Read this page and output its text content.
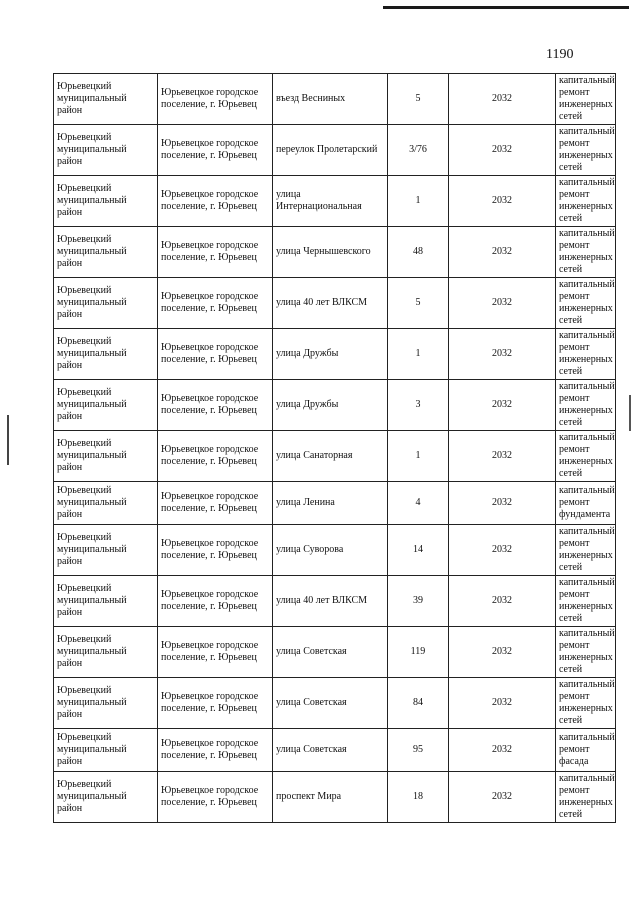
1190
Юрьевецкий муниципальный район	Юрьевецкое городское поселение, г. Юрьевец	въезд Весниных	5	2032	капитальный ремонт инженерных сетей
Юрьевецкий муниципальный район	Юрьевецкое городское поселение, г. Юрьевец	переулок Пролетарский	3/76	2032	капитальный ремонт инженерных сетей
Юрьевецкий муниципальный район	Юрьевецкое городское поселение, г. Юрьевец	улица Интернациональная	1	2032	капитальный ремонт инженерных сетей
Юрьевецкий муниципальный район	Юрьевецкое городское поселение, г. Юрьевец	улица Чернышевского	48	2032	капитальный ремонт инженерных сетей
Юрьевецкий муниципальный район	Юрьевецкое городское поселение, г. Юрьевец	улица 40 лет ВЛКСМ	5	2032	капитальный ремонт инженерных сетей
Юрьевецкий муниципальный район	Юрьевецкое городское поселение, г. Юрьевец	улица Дружбы	1	2032	капитальный ремонт инженерных сетей
Юрьевецкий муниципальный район	Юрьевецкое городское поселение, г. Юрьевец	улица Дружбы	3	2032	капитальный ремонт инженерных сетей
Юрьевецкий муниципальный район	Юрьевецкое городское поселение, г. Юрьевец	улица Санаторная	1	2032	капитальный ремонт инженерных сетей
Юрьевецкий муниципальный район	Юрьевецкое городское поселение, г. Юрьевец	улица Ленина	4	2032	капитальный ремонт фундамента
Юрьевецкий муниципальный район	Юрьевецкое городское поселение, г. Юрьевец	улица Суворова	14	2032	капитальный ремонт инженерных сетей
Юрьевецкий муниципальный район	Юрьевецкое городское поселение, г. Юрьевец	улица 40 лет ВЛКСМ	39	2032	капитальный ремонт инженерных сетей
Юрьевецкий муниципальный район	Юрьевецкое городское поселение, г. Юрьевец	улица Советская	119	2032	капитальный ремонт инженерных сетей
Юрьевецкий муниципальный район	Юрьевецкое городское поселение, г. Юрьевец	улица Советская	84	2032	капитальный ремонт инженерных сетей
Юрьевецкий муниципальный район	Юрьевецкое городское поселение, г. Юрьевец	улица Советская	95	2032	капитальный ремонт фасада
Юрьевецкий муниципальный район	Юрьевецкое городское поселение, г. Юрьевец	проспект Мира	18	2032	капитальный ремонт инженерных сетей
